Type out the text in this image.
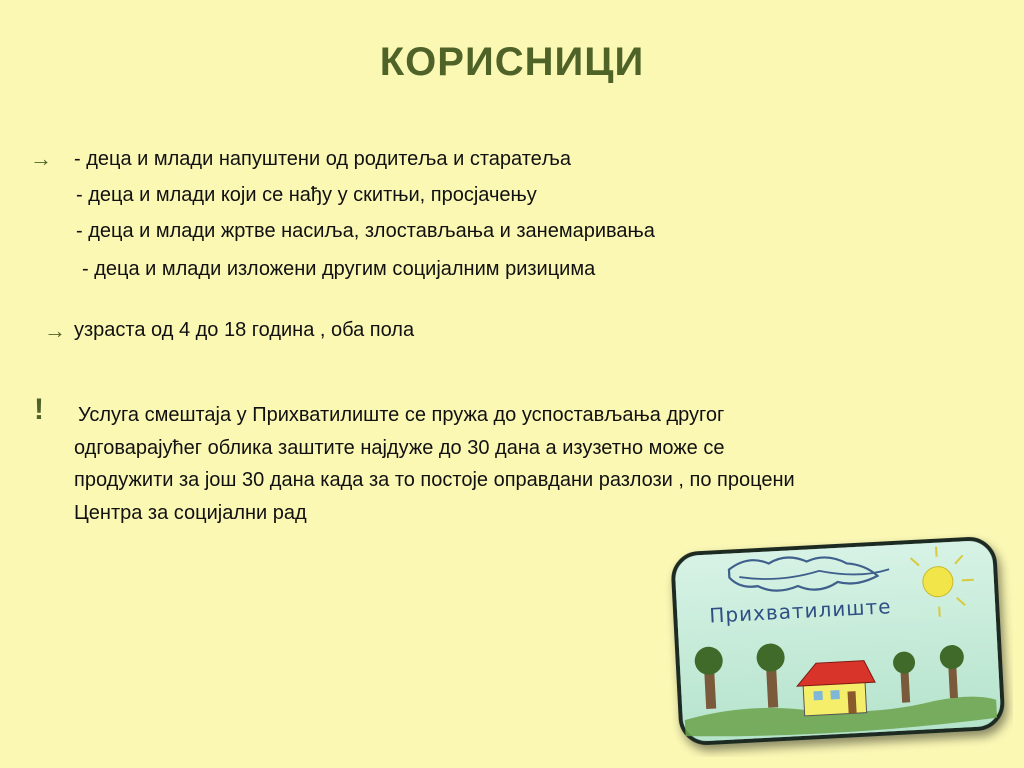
КОРИСНИЦИ
→ - деца и млади напуштени од родитеља и старатеља
- деца и млади који се нађу у скитњи, просјачењу
- деца и млади жртве насиља, злостављања и занемаривања
- деца и млади изложени другим социјалним ризицима
→ узраста од 4 до 18 година , оба пола
! Услуга смештаја у Прихватилиште се пружа до успостављања другог
одговарајућег облика заштите најдуже до 30 дана а изузетно може се
продужити за још 30 дана када за то постоје оправдани разлози , по процени
Центра за социјални рад
Прихватилиште
